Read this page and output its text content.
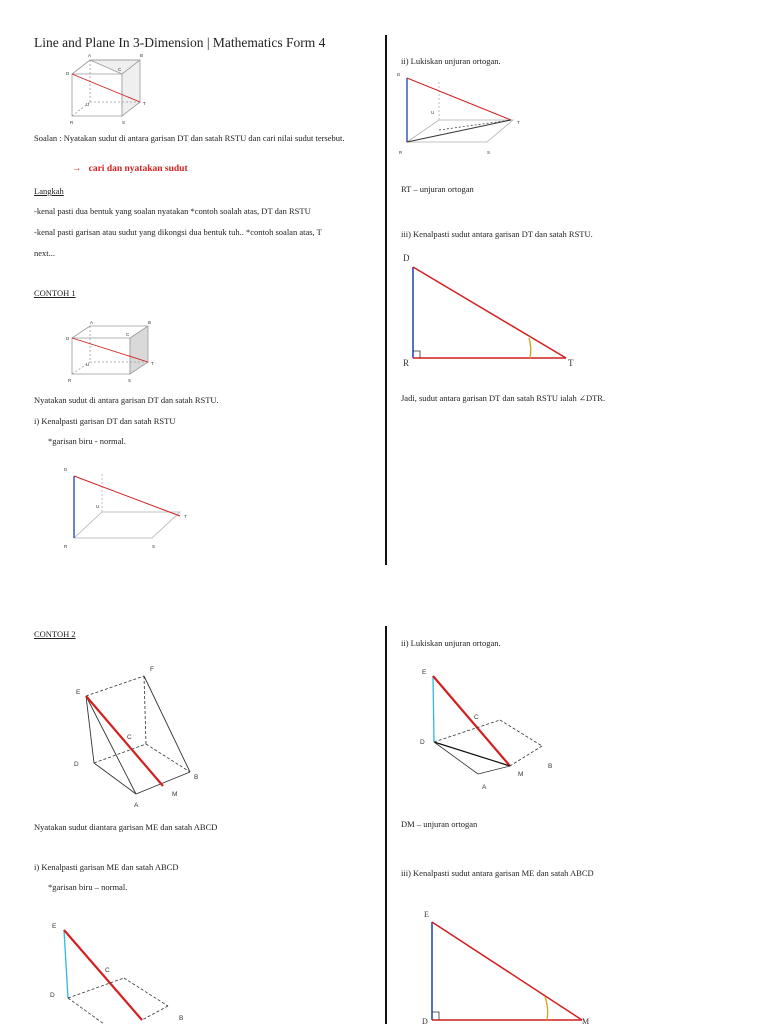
Line and Plane In 3-Dimension | Mathematics Form 4
A	B
C
D
U	T
R	S
Soalan : Nyatakan sudut di antara garisan DT dan satah RSTU dan cari nilai sudut tersebut.
→ cari dan nyatakan sudut
Langkah
-kenal pasti dua bentuk yang soalan nyatakan *contoh soalah atas, DT dan RSTU
-kenal pasti garisan atau sudut yang dikongsi dua bentuk tuh.. *contoh soalan atas, T
next...
CONTOH 1
A	B
C
D
U	T
R	S
Nyatakan sudut di antara garisan DT dan satah RSTU.
i) Kenalpasti garisan DT dan satah RSTU
*garisan biru - normal.
D
U
T
R	S
ii) Lukiskan unjuran ortogan.
D
U
T
R	S
RT – unjuran ortogan
iii) Kenalpasti sudut antara garisan DT dan satah RSTU.
D
R	T
Jadi, sudut antara garisan DT dan satah RSTU ialah ∠DTR.
CONTOH 2
E
F
C
D
B
M
A
Nyatakan sudut diantara garisan ME dan satah ABCD
i) Kenalpasti garisan ME dan satah ABCD
*garisan biru – normal.
E
C
D
B
ii) Lukiskan unjuran ortogan.
E
C
D
B
M
A
DM – unjuran ortogan
iii) Kenalpasti sudut antara garisan ME dan satah ABCD
E
D	M
